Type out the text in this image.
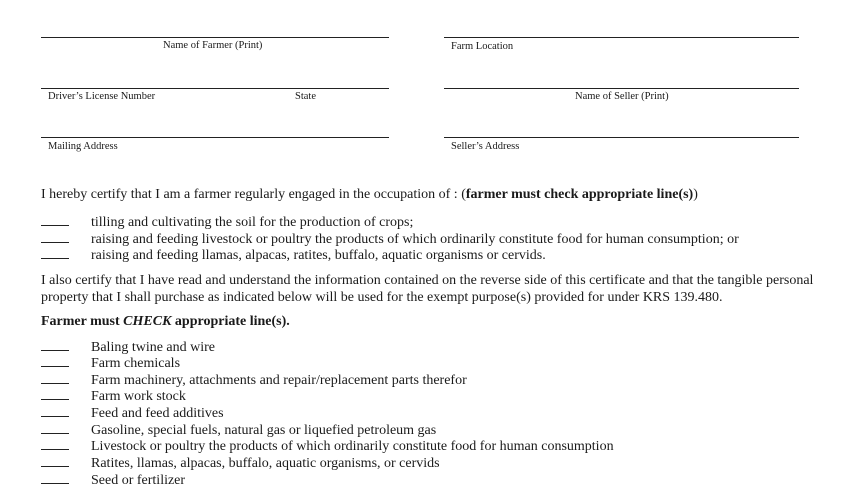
Name of Farmer (Print)	Farm Location
Driver’s License Number	State	Name of Seller (Print)
Mailing Address	Seller’s Address
I hereby certify that I am a farmer regularly engaged in the occupation of : (farmer must check appropriate line(s))
tilling and cultivating the soil for the production of crops;
raising and feeding livestock or poultry the products of which ordinarily constitute food for human consumption; or
raising and feeding llamas, alpacas, ratites, buffalo, aquatic organisms or cervids.
I also certify that I have read and understand the information contained on the reverse side of this certificate and that the tangible personal
property that I shall purchase as indicated below will be used for the exempt purpose(s) provided for under KRS 139.480.
Farmer must CHECK appropriate line(s).
Baling twine and wire
Farm chemicals
Farm machinery, attachments and repair/replacement parts therefor
Farm work stock
Feed and feed additives
Gasoline, special fuels, natural gas or liquefied petroleum gas
Livestock or poultry the products of which ordinarily constitute food for human consumption
Ratites, llamas, alpacas, buffalo, aquatic organisms, or cervids
Seed or fertilizer
